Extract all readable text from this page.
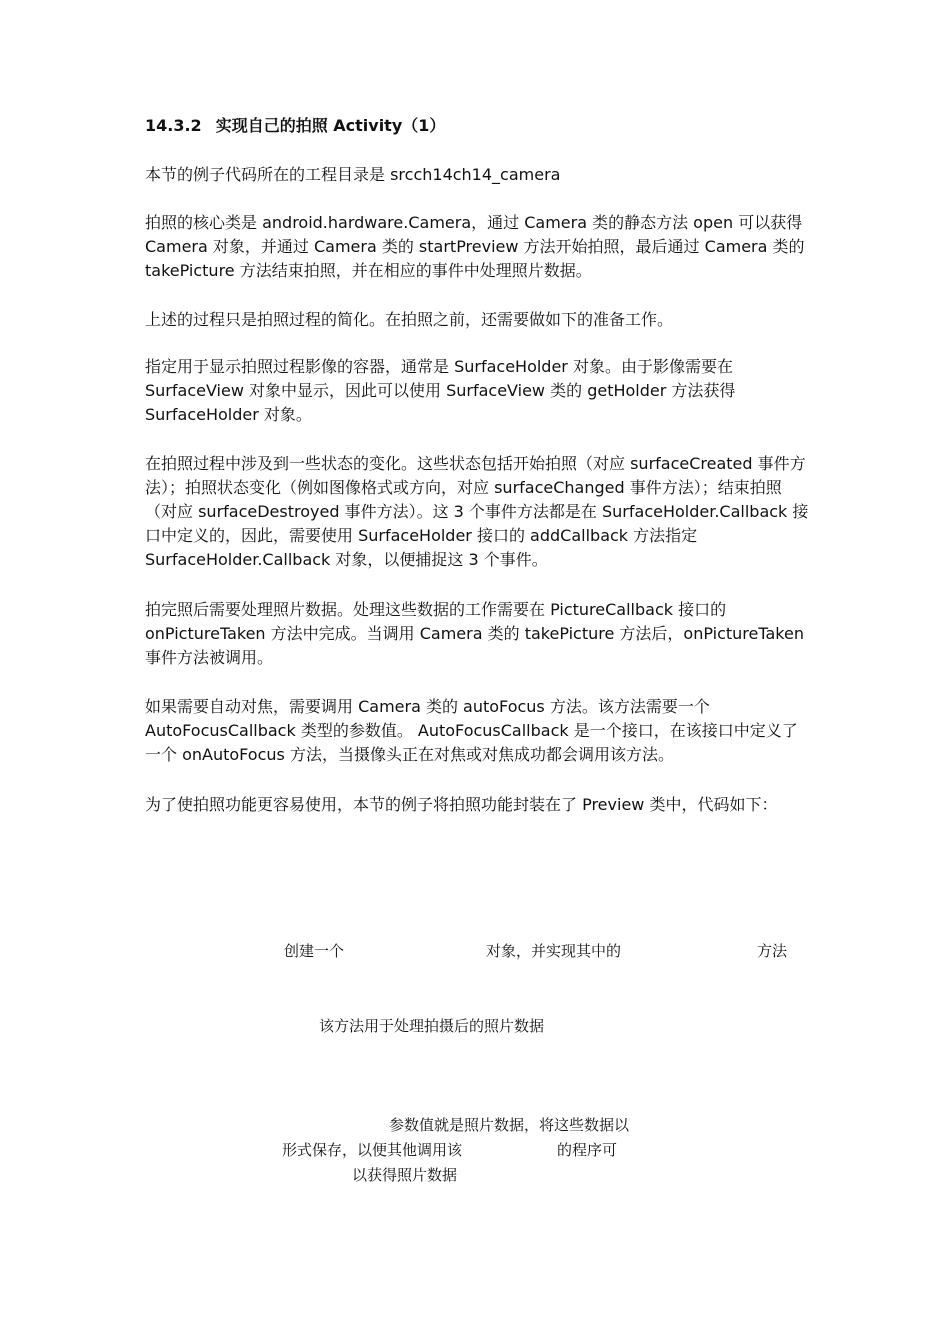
14.3.2 实现自己的拍照 Activity（1）

本节的例子代码所在的工程目录是 srcch14ch14_camera

拍照的核心类是 android.hardware.Camera，通过 Camera 类的静态方法 open 可以获得 Camera 对象，并通过 Camera 类的 startPreview 方法开始拍照，最后通过 Camera 类的 takePicture 方法结束拍照，并在相应的事件中处理照片数据。

上述的过程只是拍照过程的简化。在拍照之前，还需要做如下的准备工作。

指定用于显示拍照过程影像的容器，通常是 SurfaceHolder 对象。由于影像需要在 SurfaceView 对象中显示，因此可以使用 SurfaceView 类的 getHolder 方法获得 SurfaceHolder 对象。

在拍照过程中涉及到一些状态的变化。这些状态包括开始拍照（对应 surfaceCreated 事件方法）；拍照状态变化（例如图像格式或方向，对应 surfaceChanged 事件方法）；结束拍照（对应 surfaceDestroyed 事件方法）。这 3 个事件方法都是在 SurfaceHolder.Callback 接口中定义的，因此，需要使用 SurfaceHolder 接口的 addCallback 方法指定 SurfaceHolder.Callback 对象，以便捕捉这 3 个事件。

拍完照后需要处理照片数据。处理这些数据的工作需要在 PictureCallback 接口的 onPictureTaken 方法中完成。当调用 Camera 类的 takePicture 方法后，onPictureTaken 事件方法被调用。

如果需要自动对焦，需要调用 Camera 类的 autoFocus 方法。该方法需要一个 AutoFocusCallback 类型的参数值。 AutoFocusCallback 是一个接口，在该接口中定义了一个 onAutoFocus 方法，当摄像头正在对焦或对焦成功都会调用该方法。

为了使拍照功能更容易使用，本节的例子将拍照功能封装在了 Preview 类中，代码如下：

创建一个	对象，并实现其中的	方法
该方法用于处理拍摄后的照片数据
参数值就是照片数据，将这些数据以
形式保存，以便其他调用该	的程序可
以获得照片数据
